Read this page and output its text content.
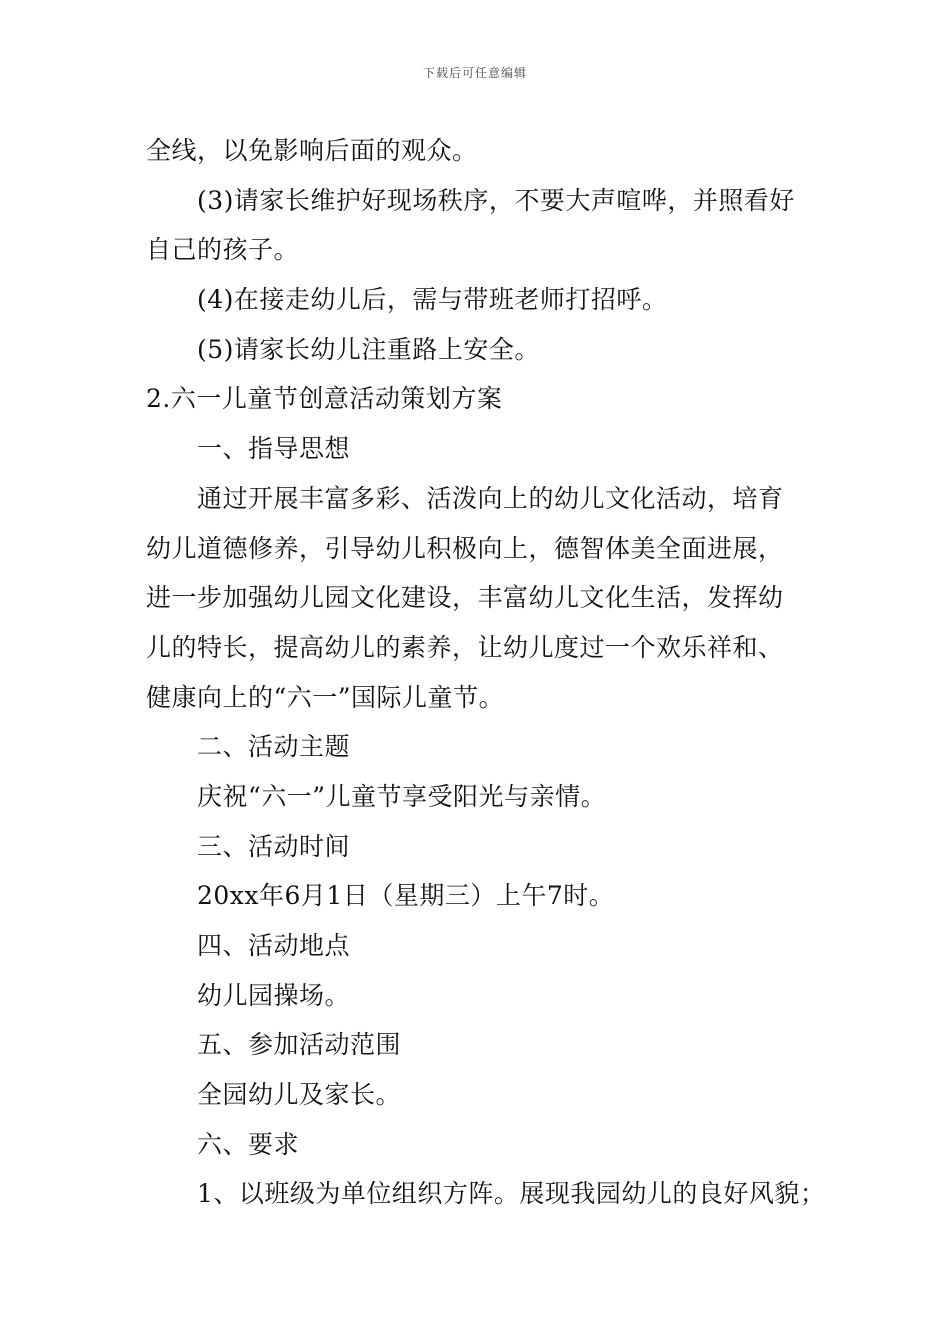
下载后可任意编辑
全线，以免影响后面的观众。
(3)请家长维护好现场秩序，不要大声喧哗，并照看好
自己的孩子。
(4)在接走幼儿后，需与带班老师打招呼。
(5)请家长幼儿注重路上安全。
2.六一儿童节创意活动策划方案
一、指导思想
通过开展丰富多彩、活泼向上的幼儿文化活动，培育
幼儿道德修养，引导幼儿积极向上，德智体美全面进展，
进一步加强幼儿园文化建设，丰富幼儿文化生活，发挥幼
儿的特长，提高幼儿的素养，让幼儿度过一个欢乐祥和、
健康向上的“六一”国际儿童节。
二、活动主题
庆祝“六一”儿童节享受阳光与亲情。
三、活动时间
20xx年6月1日（星期三）上午7时。
四、活动地点
幼儿园操场。
五、参加活动范围
全园幼儿及家长。
六、要求
1、以班级为单位组织方阵。展现我园幼儿的良好风貌；
